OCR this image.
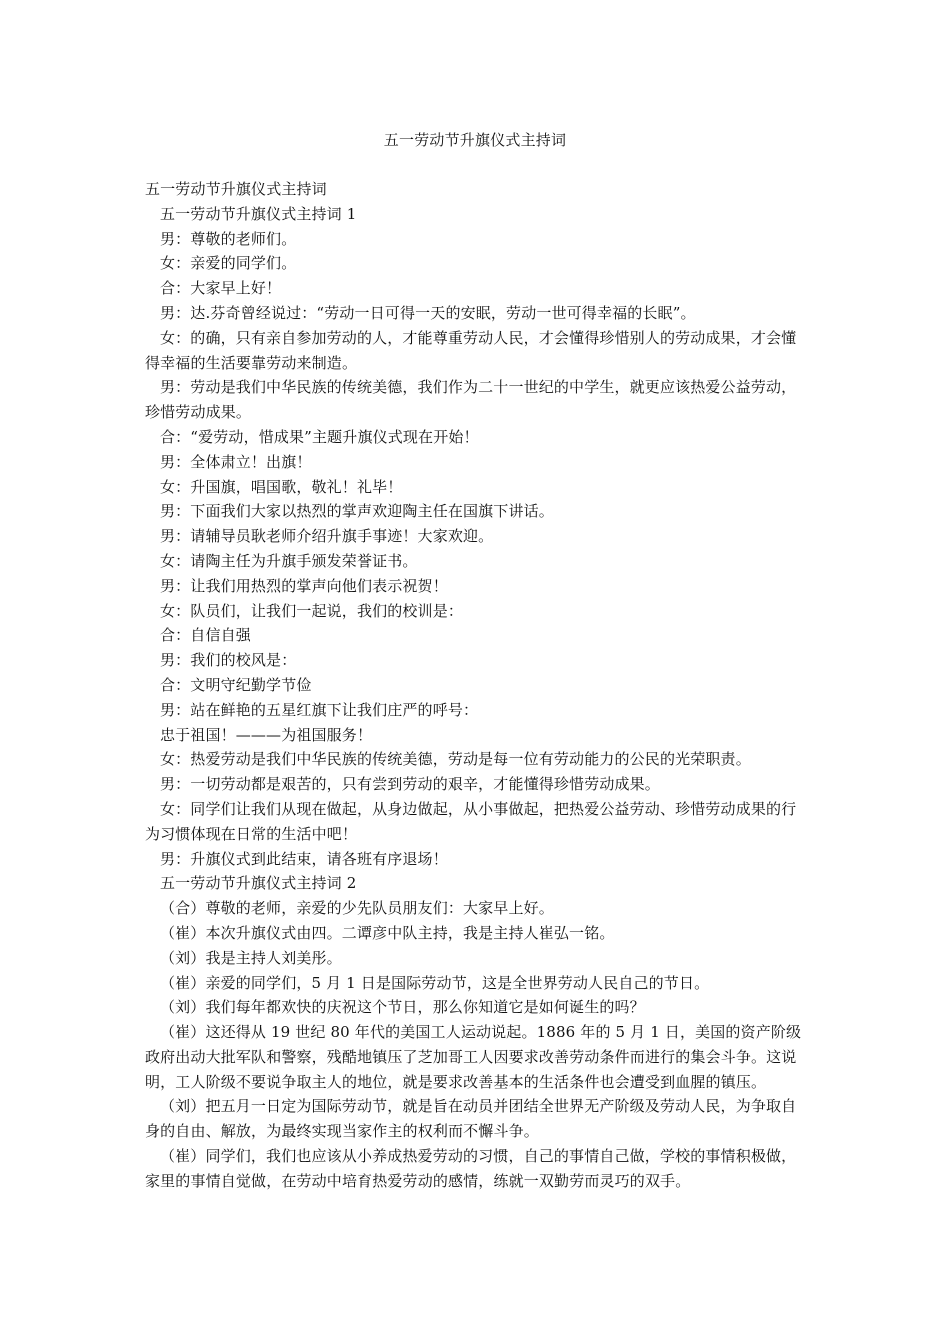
五一劳动节升旗仪式主持词

五一劳动节升旗仪式主持词

五一劳动节升旗仪式主持词 1

男：尊敬的老师们。

女：亲爱的同学们。

合：大家早上好！

男：达.芬奇曾经说过：“劳动一日可得一天的安眠，劳动一世可得幸福的长眠”。

女：的确，只有亲自参加劳动的人，才能尊重劳动人民，才会懂得珍惜别人的劳动成果，才会懂得幸福的生活要靠劳动来制造。

男：劳动是我们中华民族的传统美德，我们作为二十一世纪的中学生，就更应该热爱公益劳动，珍惜劳动成果。

合：“爱劳动，惜成果”主题升旗仪式现在开始！

男：全体肃立！出旗！

女：升国旗，唱国歌，敬礼！礼毕！

男：下面我们大家以热烈的掌声欢迎陶主任在国旗下讲话。

男：请辅导员耿老师介绍升旗手事迹！大家欢迎。

女：请陶主任为升旗手颁发荣誉证书。

男：让我们用热烈的掌声向他们表示祝贺！

女：队员们，让我们一起说，我们的校训是：

合：自信自强

男：我们的校风是：

合：文明守纪勤学节俭

男：站在鲜艳的五星红旗下让我们庄严的呼号：

忠于祖国！———为祖国服务！

女：热爱劳动是我们中华民族的传统美德，劳动是每一位有劳动能力的公民的光荣职责。

男：一切劳动都是艰苦的，只有尝到劳动的艰辛，才能懂得珍惜劳动成果。

女：同学们让我们从现在做起，从身边做起，从小事做起，把热爱公益劳动、珍惜劳动成果的行为习惯体现在日常的生活中吧！

男：升旗仪式到此结束，请各班有序退场！

五一劳动节升旗仪式主持词 2

（合）尊敬的老师，亲爱的少先队员朋友们：大家早上好。

（崔）本次升旗仪式由四。二谭彦中队主持，我是主持人崔弘一铭。

（刘）我是主持人刘美彤。

（崔）亲爱的同学们，5 月 1 日是国际劳动节，这是全世界劳动人民自己的节日。

（刘）我们每年都欢快的庆祝这个节日，那么你知道它是如何诞生的吗？

（崔）这还得从 19 世纪 80 年代的美国工人运动说起。1886 年的 5 月 1 日，美国的资产阶级政府出动大批军队和警察，残酷地镇压了芝加哥工人因要求改善劳动条件而进行的集会斗争。这说明，工人阶级不要说争取主人的地位，就是要求改善基本的生活条件也会遭受到血腥的镇压。

（刘）把五月一日定为国际劳动节，就是旨在动员并团结全世界无产阶级及劳动人民，为争取自身的自由、解放，为最终实现当家作主的权利而不懈斗争。

（崔）同学们，我们也应该从小养成热爱劳动的习惯，自己的事情自己做，学校的事情积极做，家里的事情自觉做，在劳动中培育热爱劳动的感情，练就一双勤劳而灵巧的双手。
